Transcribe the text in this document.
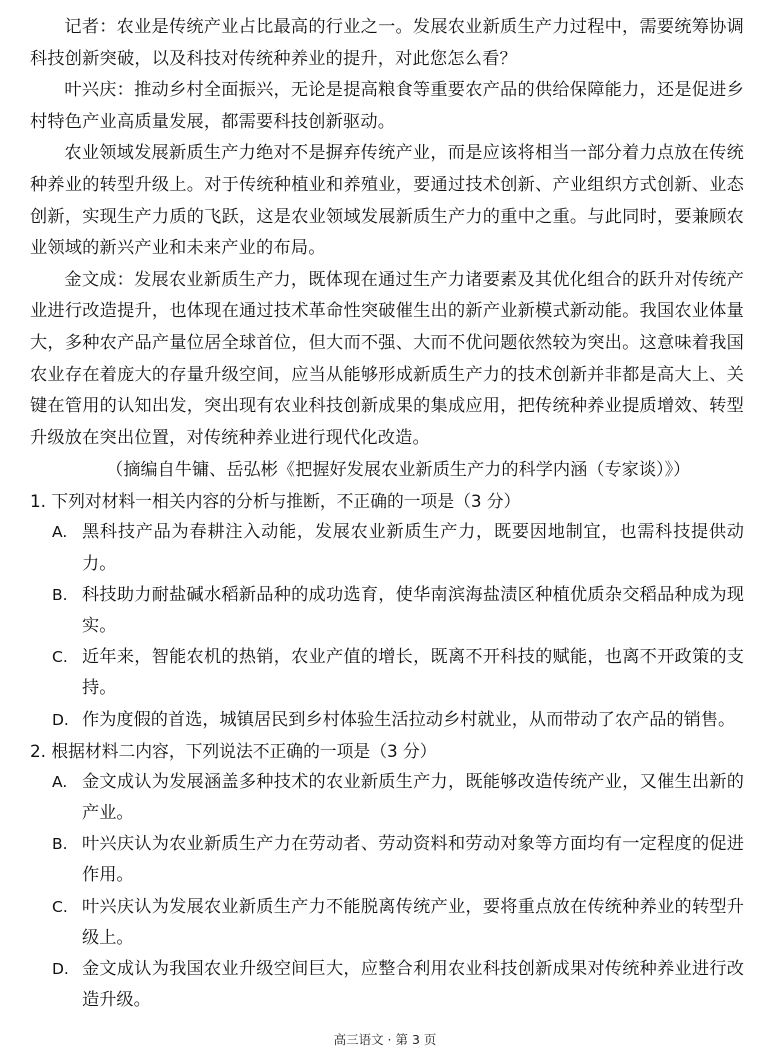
记者：农业是传统产业占比最高的行业之一。发展农业新质生产力过程中，需要统筹协调科技创新突破，以及科技对传统种养业的提升，对此您怎么看？

叶兴庆：推动乡村全面振兴，无论是提高粮食等重要农产品的供给保障能力，还是促进乡村特色产业高质量发展，都需要科技创新驱动。

农业领域发展新质生产力绝对不是摒弃传统产业，而是应该将相当一部分着力点放在传统种养业的转型升级上。对于传统种植业和养殖业，要通过技术创新、产业组织方式创新、业态创新，实现生产力质的飞跃，这是农业领域发展新质生产力的重中之重。与此同时，要兼顾农业领域的新兴产业和未来产业的布局。

金文成：发展农业新质生产力，既体现在通过生产力诸要素及其优化组合的跃升对传统产业进行改造提升，也体现在通过技术革命性突破催生出的新产业新模式新动能。我国农业体量大，多种农产品产量位居全球首位，但大而不强、大而不优问题依然较为突出。这意味着我国农业存在着庞大的存量升级空间，应当从能够形成新质生产力的技术创新并非都是高大上、关键在管用的认知出发，突出现有农业科技创新成果的集成应用，把传统种养业提质增效、转型升级放在突出位置，对传统种养业进行现代化改造。

（摘编自牛镛、岳弘彬《把握好发展农业新质生产力的科学内涵（专家谈）》）

1. 下列对材料一相关内容的分析与推断，不正确的一项是（3 分）

A. 黑科技产品为春耕注入动能，发展农业新质生产力，既要因地制宜，也需科技提供动力。
B. 科技助力耐盐碱水稻新品种的成功选育，使华南滨海盐渍区种植优质杂交稻品种成为现实。
C. 近年来，智能农机的热销，农业产值的增长，既离不开科技的赋能，也离不开政策的支持。
D. 作为度假的首选，城镇居民到乡村体验生活拉动乡村就业，从而带动了农产品的销售。

2. 根据材料二内容，下列说法不正确的一项是（3 分）

A. 金文成认为发展涵盖多种技术的农业新质生产力，既能够改造传统产业，又催生出新的产业。
B. 叶兴庆认为农业新质生产力在劳动者、劳动资料和劳动对象等方面均有一定程度的促进作用。
C. 叶兴庆认为发展农业新质生产力不能脱离传统产业，要将重点放在传统种养业的转型升级上。
D. 金文成认为我国农业升级空间巨大，应整合利用农业科技创新成果对传统种养业进行改造升级。
高三语文 · 第 3 页
